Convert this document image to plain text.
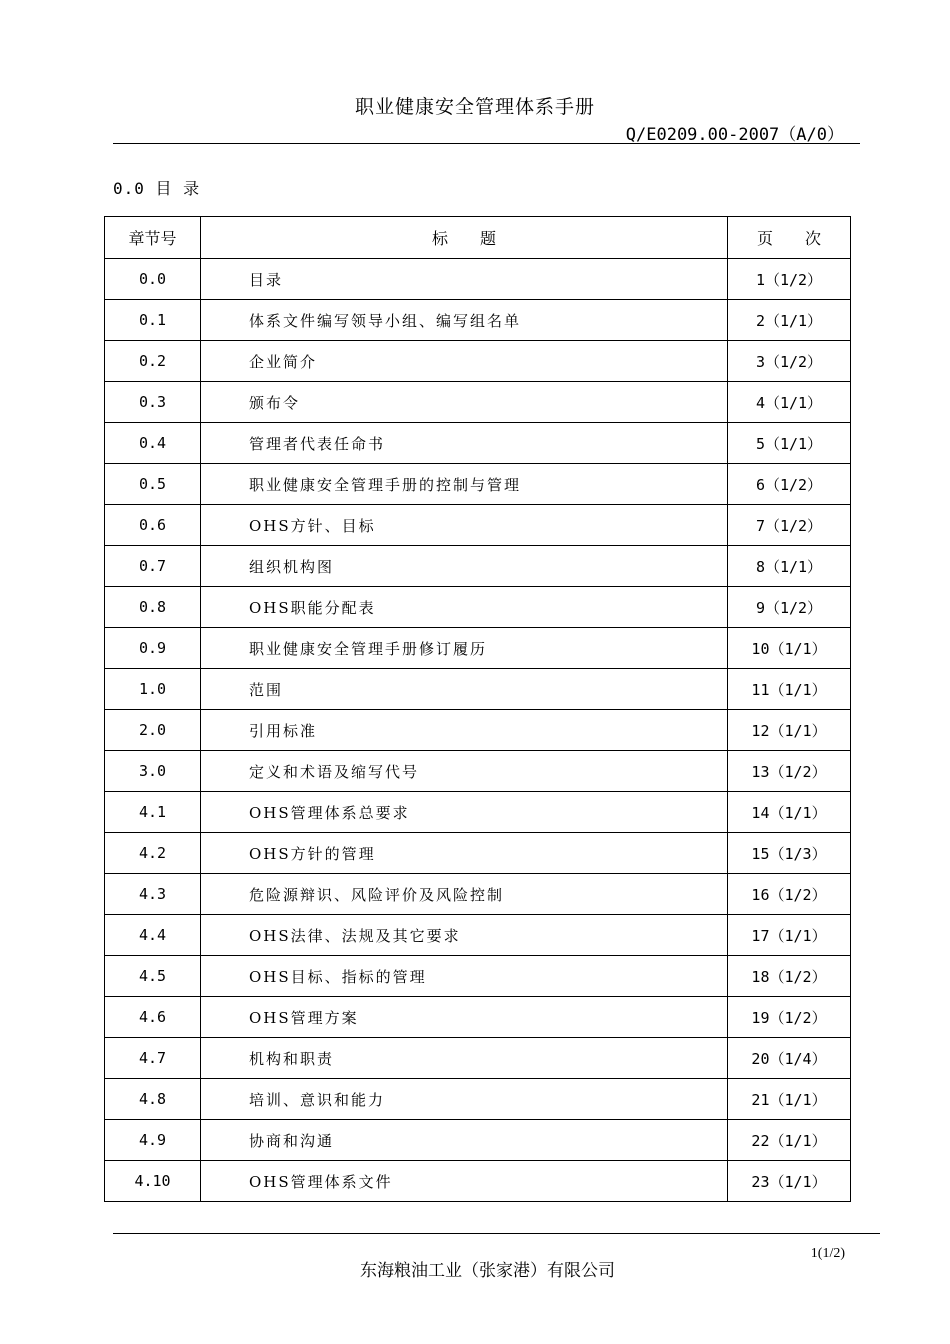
职业健康安全管理体系手册
Q/E0209.00-2007（A/0）
0.0 目 录
章节号	标　　题	页　　次
0.0	目录	1（1/2）
0.1	体系文件编写领导小组、编写组名单	2（1/1）
0.2	企业简介	3（1/2）
0.3	颁布令	4（1/1）
0.4	管理者代表任命书	5（1/1）
0.5	职业健康安全管理手册的控制与管理	6（1/2）
0.6	OHS方针、目标	7（1/2）
0.7	组织机构图	8（1/1）
0.8	OHS职能分配表	9（1/2）
0.9	职业健康安全管理手册修订履历	10（1/1）
1.0	范围	11（1/1）
2.0	引用标准	12（1/1）
3.0	定义和术语及缩写代号	13（1/2）
4.1	OHS管理体系总要求	14（1/1）
4.2	OHS方针的管理	15（1/3）
4.3	危险源辩识、风险评价及风险控制	16（1/2）
4.4	OHS法律、法规及其它要求	17（1/1）
4.5	OHS目标、指标的管理	18（1/2）
4.6	OHS管理方案	19（1/2）
4.7	机构和职责	20（1/4）
4.8	培训、意识和能力	21（1/1）
4.9	协商和沟通	22（1/1）
4.10	OHS管理体系文件	23（1/1）
1(1/2)
东海粮油工业（张家港）有限公司
